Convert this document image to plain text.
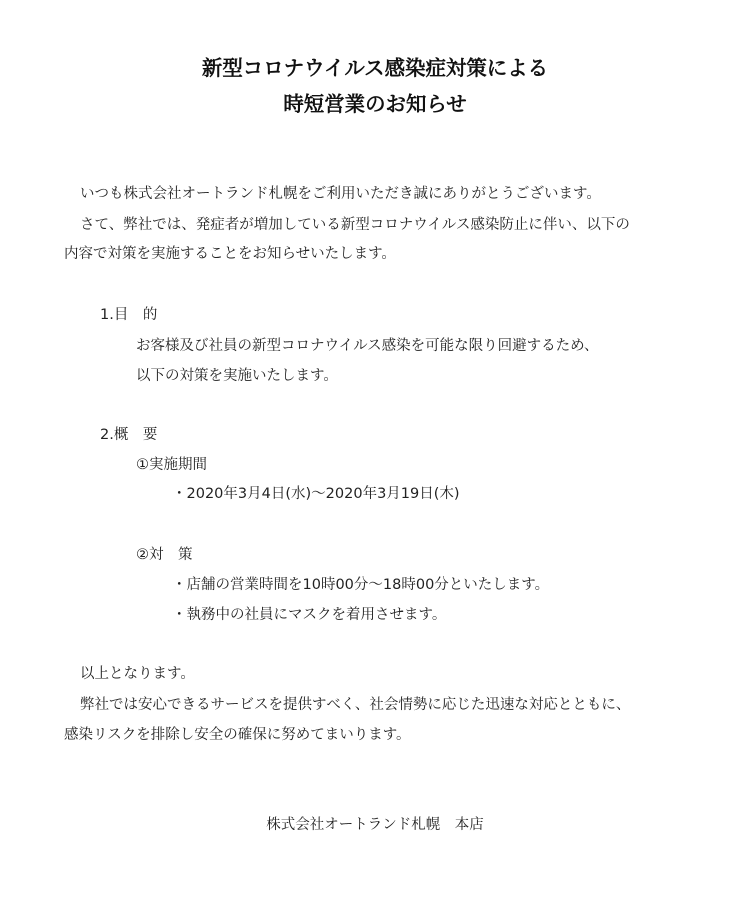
新型コロナウイルス感染症対策による
時短営業のお知らせ
いつも株式会社オートランド札幌をご利用いただき誠にありがとうございます。
さて、弊社では、発症者が増加している新型コロナウイルス感染防止に伴い、以下の
内容で対策を実施することをお知らせいたします。
1.目　的
お客様及び社員の新型コロナウイルス感染を可能な限り回避するため、
以下の対策を実施いたします。
2.概　要
①実施期間
・2020年3月4日(水)～2020年3月19日(木)
②対　策
・店舗の営業時間を10時00分～18時00分といたします。
・執務中の社員にマスクを着用させます。
以上となります。
弊社では安心できるサービスを提供すべく、社会情勢に応じた迅速な対応とともに、
感染リスクを排除し安全の確保に努めてまいります。
株式会社オートランド札幌　本店
